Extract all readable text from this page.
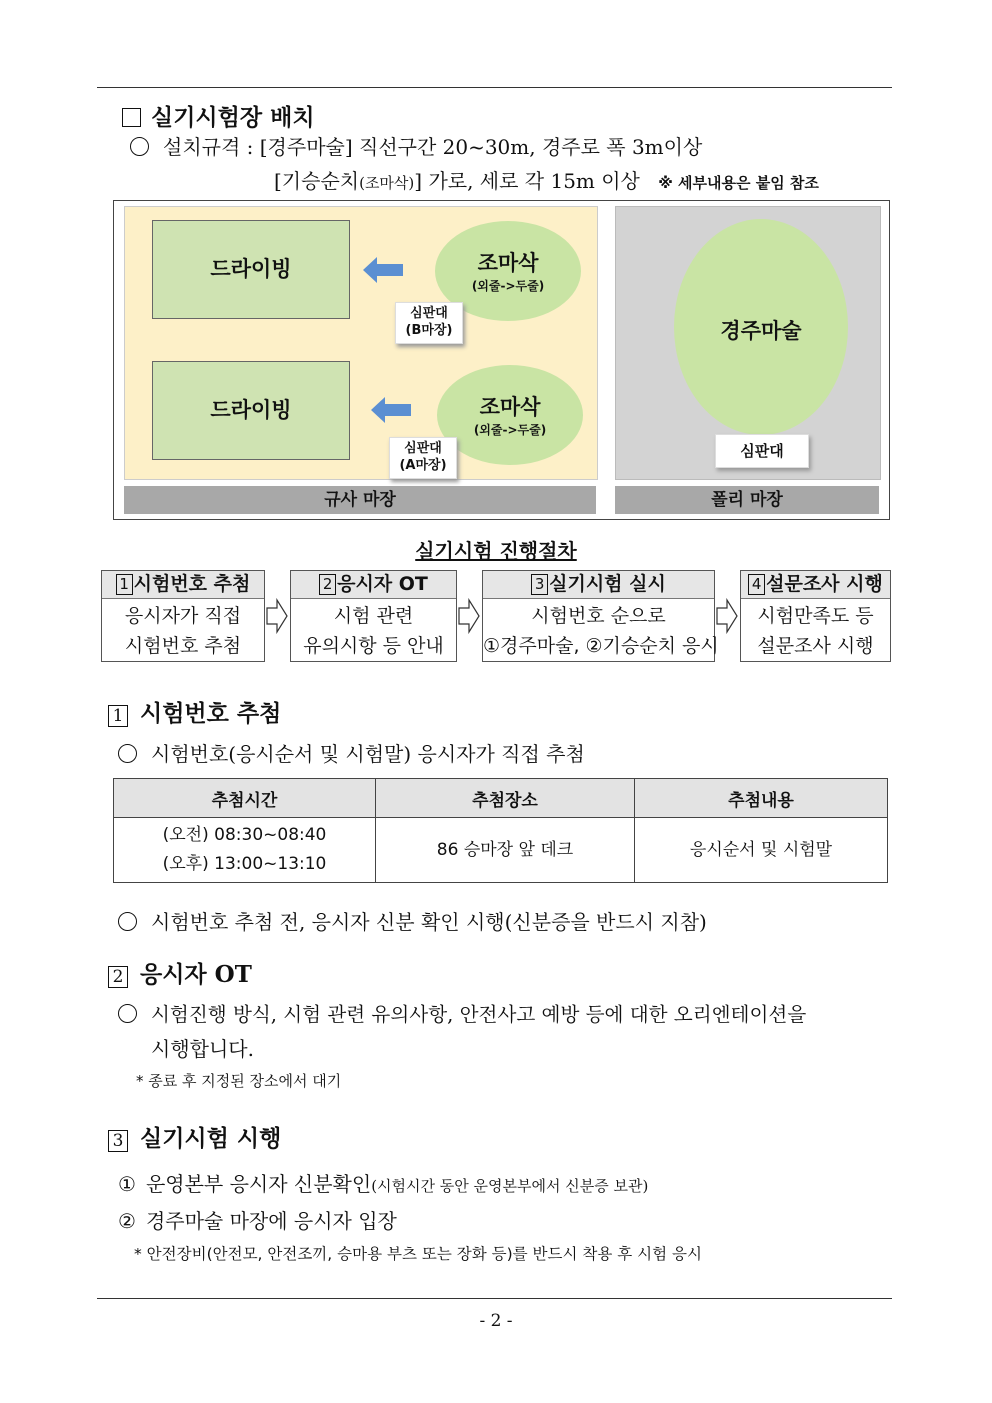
실기시험장 배치
설치규격 : [경주마술] 직선구간 20~30m, 경주로 폭 3m이상
[기승순치(조마삭)] 가로, 세로 각 15m 이상 ※ 세부내용은 붙임 참조
드라이빙
드라이빙
조마삭
(외줄->두줄)
조마삭
(외줄->두줄)
심판대
(B마장)
심판대
(A마장)
경주마술
심판대
규사 마장	폴리 마장
실기시험 진행절차
1 시험번호 추첨
응시자가 직접
시험번호 추첨
2 응시자 OT
시험 관련
유의시항 등 안내
3 실기시험 실시
시험번호 순으로
①경주마술, ②기승순치 응시
4 설문조사 시행
시험만족도 등
설문조사 시행
1 시험번호 추첨
시험번호(응시순서 및 시험말) 응시자가 직접 추첨
추첨시간	추첨장소	추첨내용

(오전) 08:30~08:40
(오후) 13:00~13:10	86 승마장 앞 데크	응시순서 및 시험말
시험번호 추첨 전, 응시자 신분 확인 시행(신분증을 반드시 지참)
2 응시자 OT
시험진행 방식, 시험 관련 유의사항, 안전사고 예방 등에 대한 오리엔테이션을
시행합니다.
* 종료 후 지정된 장소에서 대기
3 실기시험 시행
① 운영본부 응시자 신분확인(시험시간 동안 운영본부에서 신분증 보관)
② 경주마술 마장에 응시자 입장
* 안전장비(안전모, 안전조끼, 승마용 부츠 또는 장화 등)를 반드시 착용 후 시험 응시
- 2 -
